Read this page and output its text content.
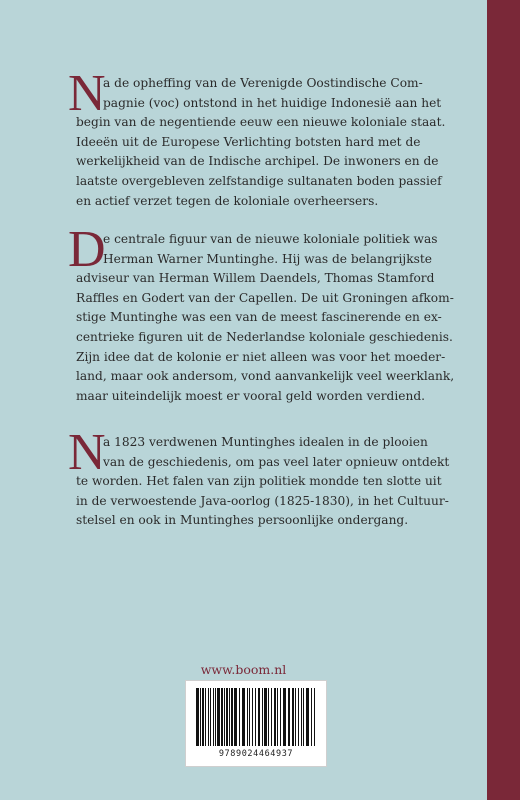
N
a de opheffing van de Verenigde Oostindische Com-
pagnie (voc) ontstond in het huidige Indonesië aan het
begin van de negentiende eeuw een nieuwe koloniale staat.
Ideeën uit de Europese Verlichting botsten hard met de
werkelijkheid van de Indische archipel. De inwoners en de
laatste overgebleven zelfstandige sultanaten boden passief
en actief verzet tegen de koloniale overheersers.
D
e centrale figuur van de nieuwe koloniale politiek was
Herman Warner Muntinghe. Hij was de belangrijkste
adviseur van Herman Willem Daendels, Thomas Stamford
Raffles en Godert van der Capellen. De uit Groningen afkom-
stige Muntinghe was een van de meest fascinerende en ex-
centrieke figuren uit de Nederlandse koloniale geschiedenis.
Zijn idee dat de kolonie er niet alleen was voor het moeder-
land, maar ook andersom, vond aanvankelijk veel weerklank,
maar uiteindelijk moest er vooral geld worden verdiend.
N
a 1823 verdwenen Muntinghes idealen in de plooien
van de geschiedenis, om pas veel later opnieuw ontdekt
te worden. Het falen van zijn politiek mondde ten slotte uit
in de verwoestende Java-oorlog (1825-1830), in het Cultuur-
stelsel en ook in Muntinghes persoonlijke ondergang.
www.boom.nl
9789024464937
